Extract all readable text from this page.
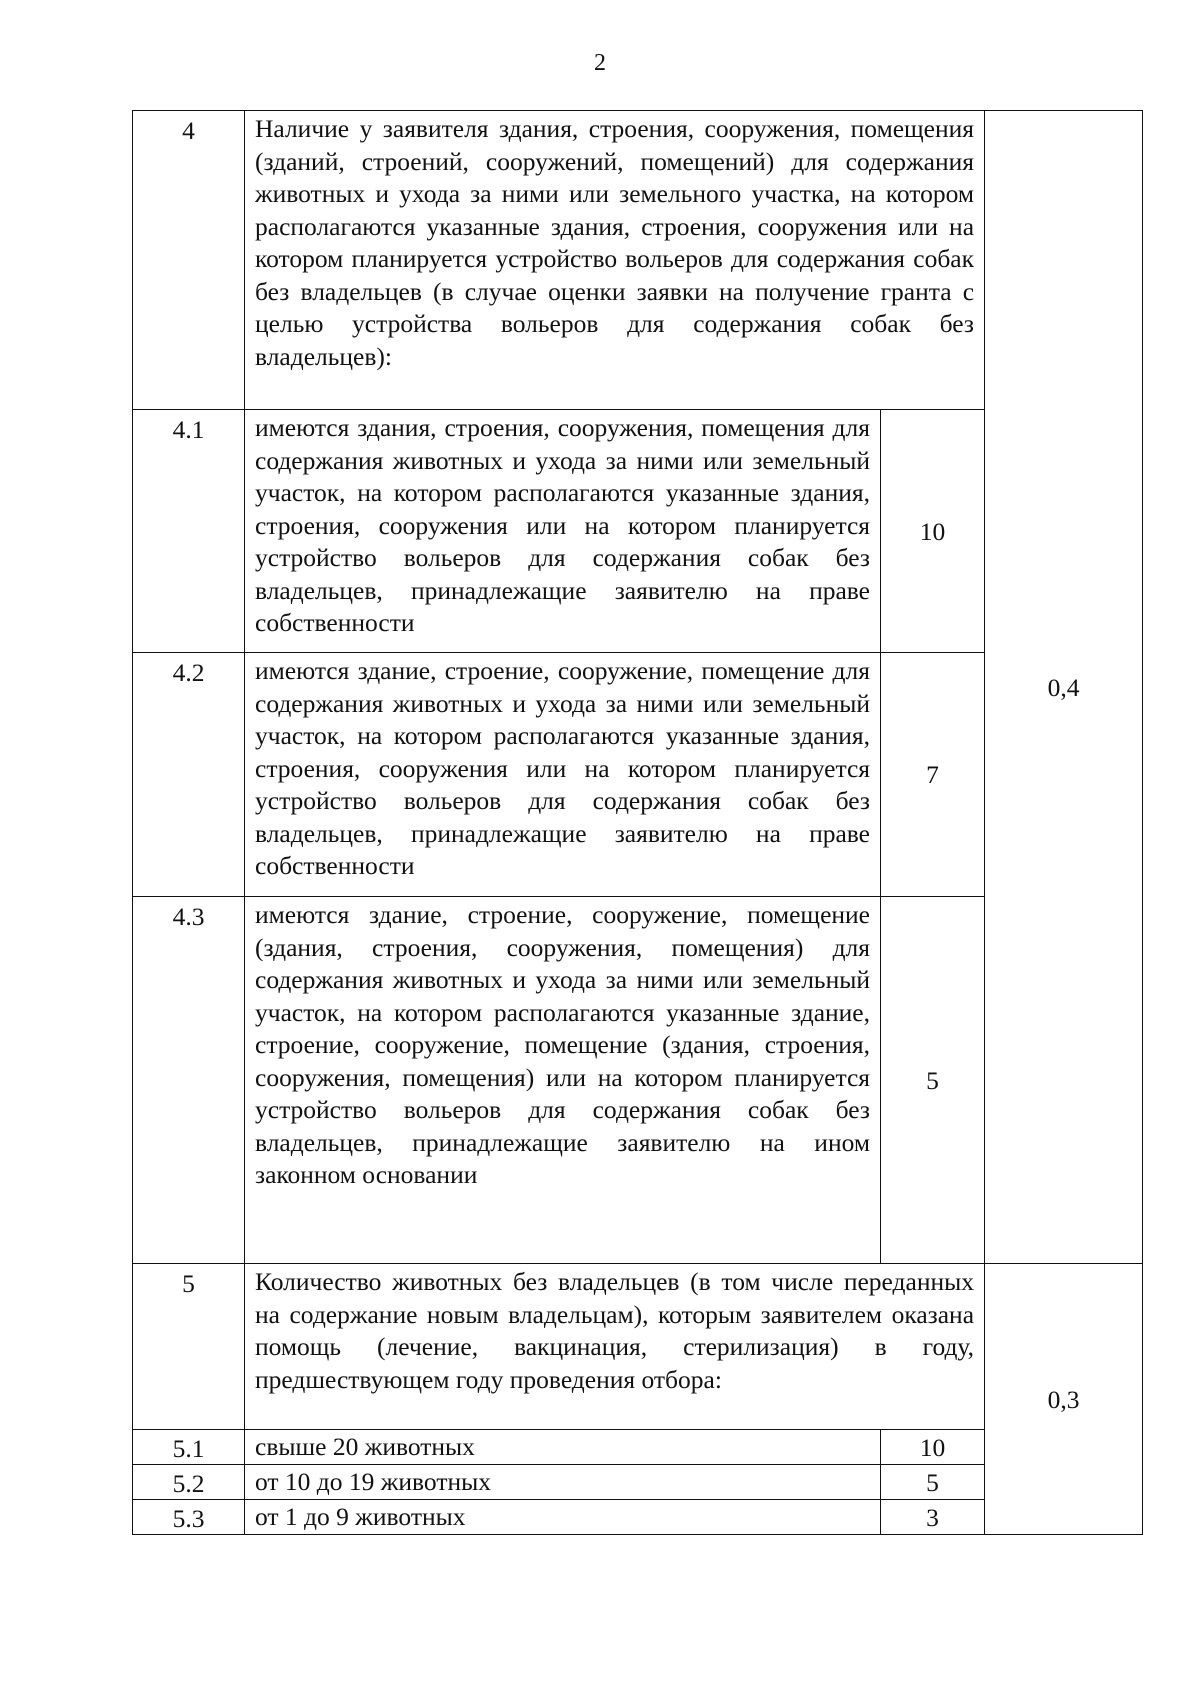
2
4	Наличие у заявителя здания, строения, сооружения, помещения (зданий, строений, сооружений, помещений) для содержания животных и ухода за ними или земельного участка, на котором располагаются указанные здания, строения, сооружения или на котором планируется устройство вольеров для содержания собак без владельцев (в случае оценки заявки на получение гранта с целью устройства вольеров для содержания собак без владельцев):		0,4
4.1	имеются здания, строения, сооружения, помещения для содержания животных и ухода за ними или земельный участок, на котором располагаются указанные здания, строения, сооружения или на котором планируется устройство вольеров для содержания собак без владельцев, принадлежащие заявителю на праве собственности	10	
4.2	имеются здание, строение, сооружение, помещение для содержания животных и ухода за ними или земельный участок, на котором располагаются указанные здания, строения, сооружения или на котором планируется устройство вольеров для содержания собак без владельцев, принадлежащие заявителю на праве собственности	7	
4.3	имеются здание, строение, сооружение, помещение (здания, строения, сооружения, помещения) для содержания животных и ухода за ними или земельный участок, на котором располагаются указанные здание, строение, сооружение, помещение (здания, строения, сооружения, помещения) или на котором планируется устройство вольеров для содержания собак без владельцев, принадлежащие заявителю на ином законном основании	5	
5	Количество животных без владельцев (в том числе переданных на содержание новым владельцам), которым заявителем оказана помощь (лечение, вакцинация, стерилизация) в году, предшествующем году проведения отбора:		0,3
5.1	свыше 20 животных	10	
5.2	от 10 до 19 животных	5	
5.3	от 1 до 9 животных	3	
